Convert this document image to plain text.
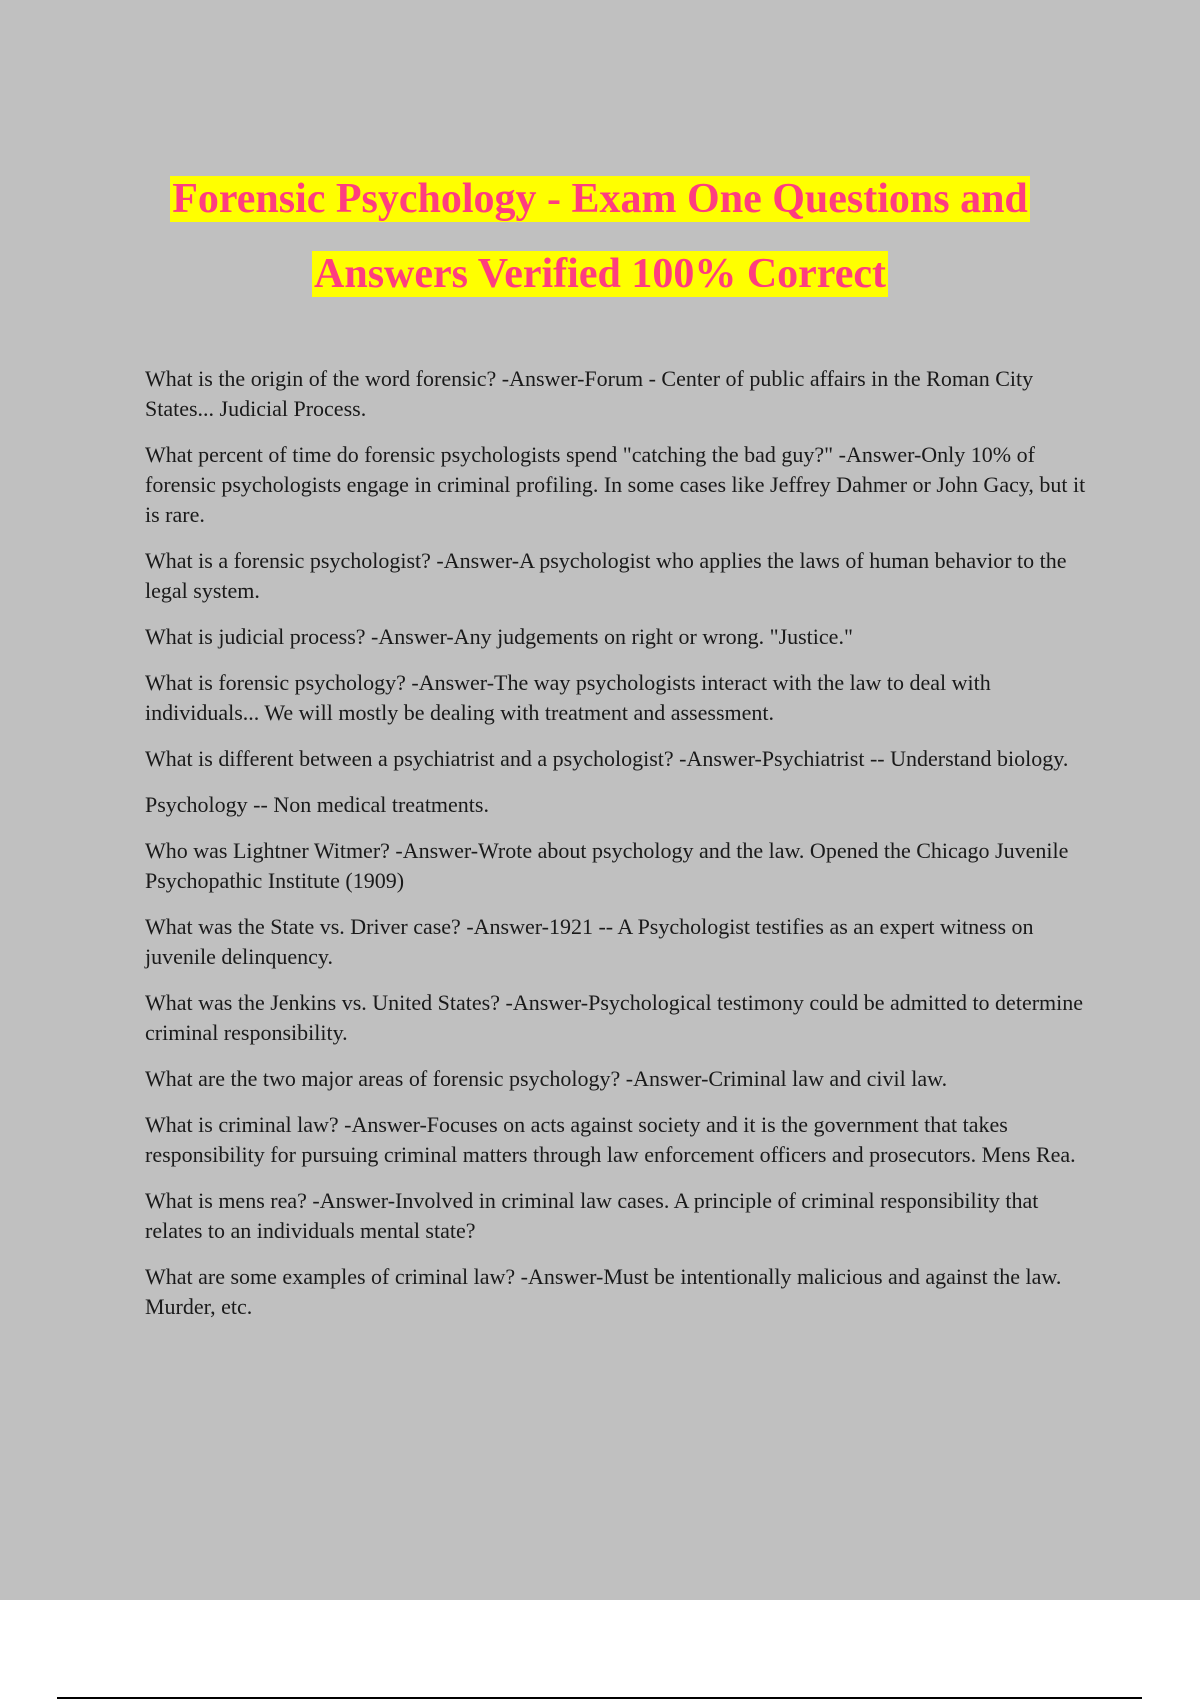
Forensic Psychology - Exam One Questions and
Answers Verified 100% Correct

What is the origin of the word forensic? -Answer-Forum - Center of public affairs in the Roman City States... Judicial Process.

What percent of time do forensic psychologists spend "catching the bad guy?" -Answer-Only 10% of forensic psychologists engage in criminal profiling. In some cases like Jeffrey Dahmer or John Gacy, but it is rare.

What is a forensic psychologist? -Answer-A psychologist who applies the laws of human behavior to the legal system.

What is judicial process? -Answer-Any judgements on right or wrong. "Justice."

What is forensic psychology? -Answer-The way psychologists interact with the law to deal with individuals... We will mostly be dealing with treatment and assessment.

What is different between a psychiatrist and a psychologist? -Answer-Psychiatrist -- Understand biology.

Psychology -- Non medical treatments.

Who was Lightner Witmer? -Answer-Wrote about psychology and the law. Opened the Chicago Juvenile Psychopathic Institute (1909)

What was the State vs. Driver case? -Answer-1921 -- A Psychologist testifies as an expert witness on juvenile delinquency.

What was the Jenkins vs. United States? -Answer-Psychological testimony could be admitted to determine criminal responsibility.

What are the two major areas of forensic psychology? -Answer-Criminal law and civil law.

What is criminal law? -Answer-Focuses on acts against society and it is the government that takes responsibility for pursuing criminal matters through law enforcement officers and prosecutors. Mens Rea.

What is mens rea? -Answer-Involved in criminal law cases. A principle of criminal responsibility that relates to an individuals mental state?

What are some examples of criminal law? -Answer-Must be intentionally malicious and against the law. Murder, etc.
